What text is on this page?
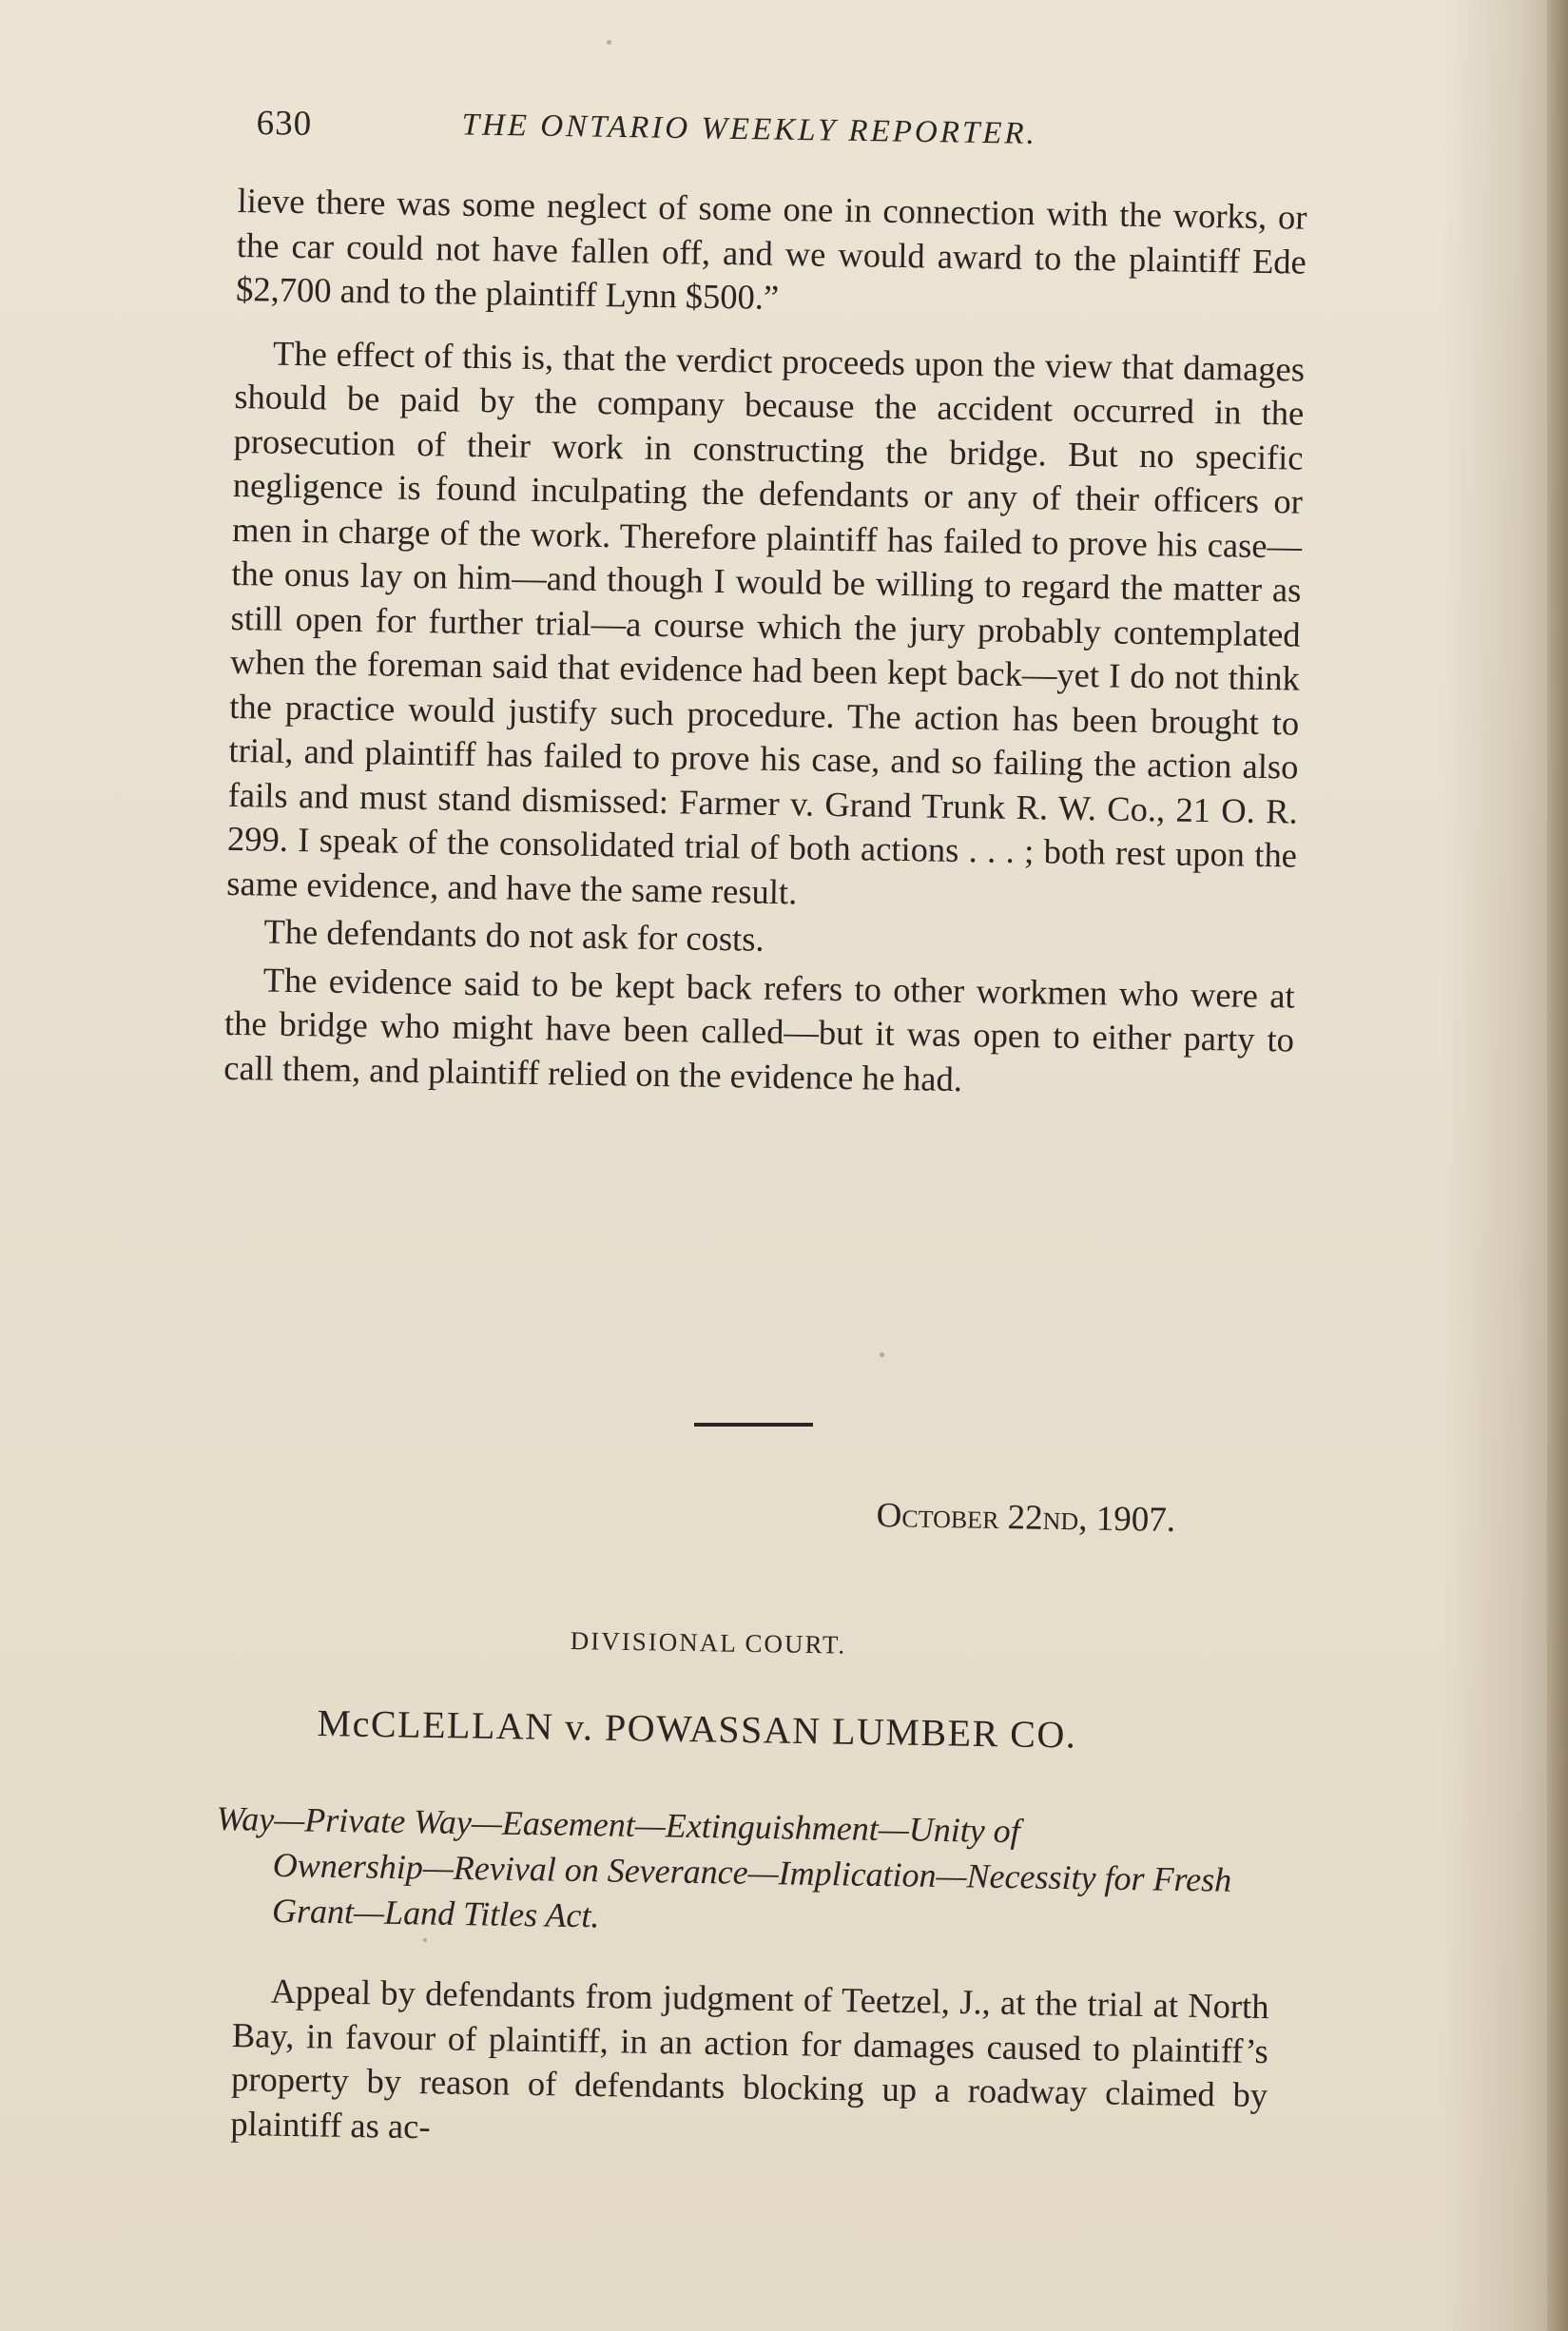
630	THE ONTARIO WEEKLY REPORTER.

lieve there was some neglect of some one in connection with the works, or the car could not have fallen off, and we would award to the plaintiff Ede $2,700 and to the plaintiff Lynn $500.”

The effect of this is, that the verdict proceeds upon the view that damages should be paid by the company because the accident occurred in the prosecution of their work in constructing the bridge. But no specific negligence is found inculpating the defendants or any of their officers or men in charge of the work. Therefore plaintiff has failed to prove his case—the onus lay on him—and though I would be willing to regard the matter as still open for further trial—a course which the jury probably contemplated when the foreman said that evidence had been kept back—yet I do not think the practice would justify such procedure. The action has been brought to trial, and plaintiff has failed to prove his case, and so failing the action also fails and must stand dismissed: Farmer v. Grand Trunk R. W. Co., 21 O. R. 299. I speak of the consolidated trial of both actions . . . ; both rest upon the same evidence, and have the same result.

The defendants do not ask for costs.

The evidence said to be kept back refers to other workmen who were at the bridge who might have been called—but it was open to either party to call them, and plaintiff relied on the evidence he had.

October 22nd, 1907.
DIVISIONAL COURT.
McCLELLAN v. POWASSAN LUMBER CO.
Way—Private Way—Easement—Extinguishment—Unity of
Ownership—Revival on Severance—Implication—Necessity for Fresh Grant—Land Titles Act.

Appeal by defendants from judgment of Teetzel, J., at the trial at North Bay, in favour of plaintiff, in an action for damages caused to plaintiff’s property by reason of defendants blocking up a roadway claimed by plaintiff as ac-
